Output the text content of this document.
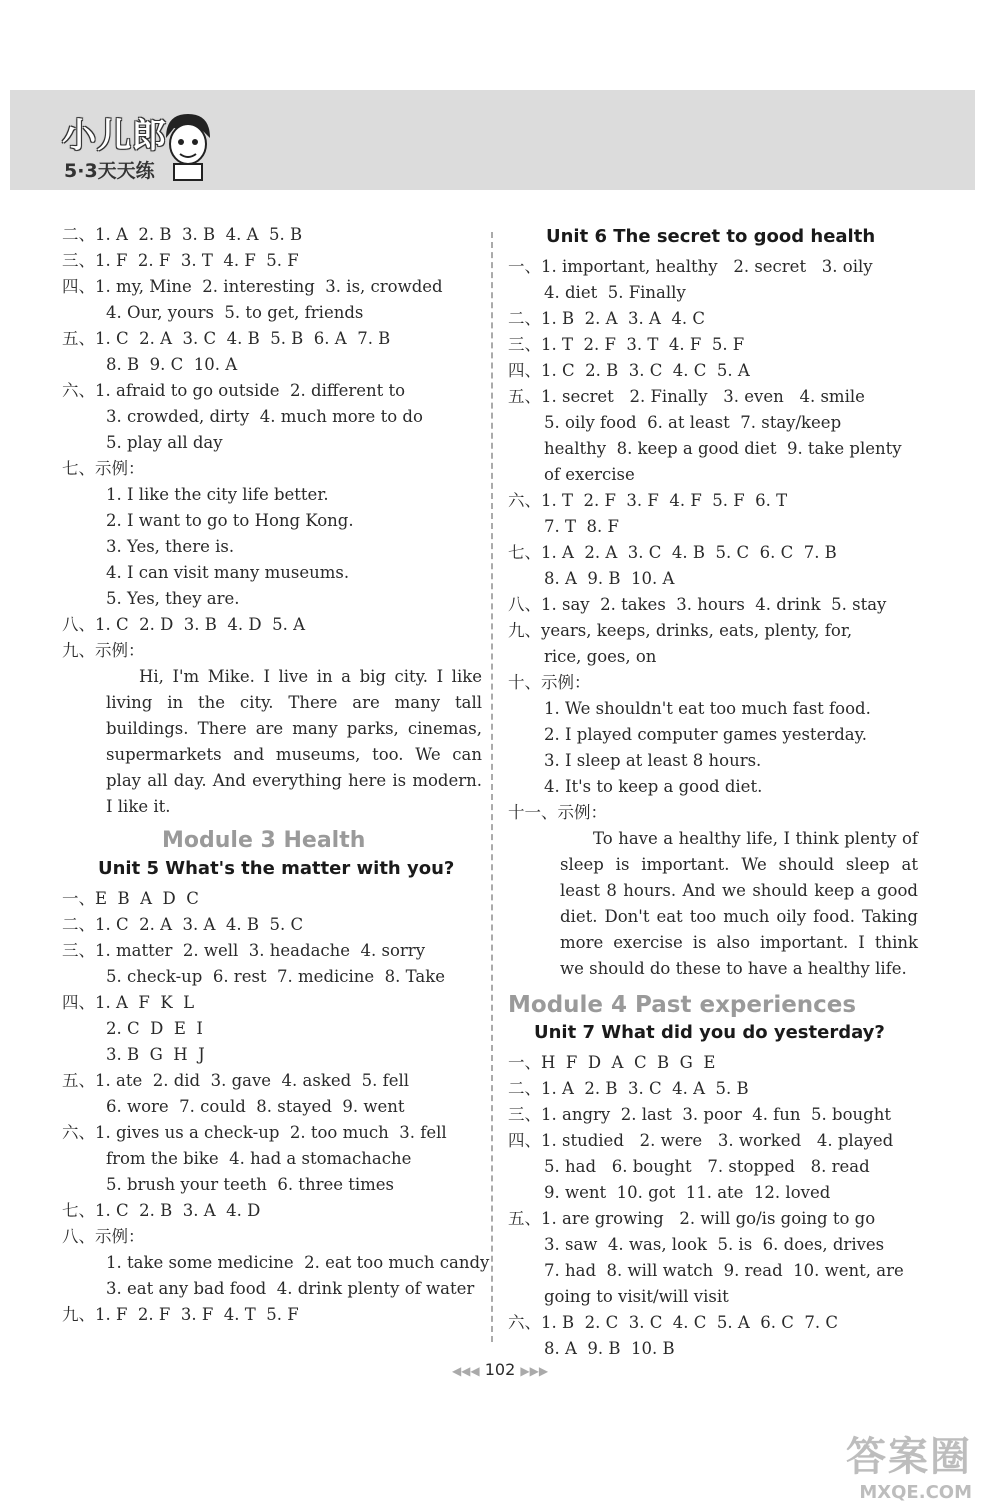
小儿郎
5·3天天练
二、1. A  2. B  3. B  4. A  5. B
三、1. F  2. F  3. T  4. F  5. F
四、1. my, Mine  2. interesting  3. is, crowded
4. Our, yours  5. to get, friends
五、1. C  2. A  3. C  4. B  5. B  6. A  7. B
8. B  9. C  10. A
六、1. afraid to go outside  2. different to
3. crowded, dirty  4. much more to do
5. play all day
七、示例：
1. I like the city life better.
2. I want to go to Hong Kong.
3. Yes, there is.
4. I can visit many museums.
5. Yes, they are.
八、1. C  2. D  3. B  4. D  5. A
九、示例：
Hi, I'm Mike. I live in a big city. I like living in the city. There are many tall buildings. There are many parks, cinemas, supermarkets and museums, too. We can play all day. And everything here is modern. I like it.
Module 3 Health
Unit 5 What's the matter with you?
一、E  B  A  D  C
二、1. C  2. A  3. A  4. B  5. C
三、1. matter  2. well  3. headache  4. sorry
5. check-up  6. rest  7. medicine  8. Take
四、1. A  F  K  L
2. C  D  E  I
3. B  G  H  J
五、1. ate  2. did  3. gave  4. asked  5. fell
6. wore  7. could  8. stayed  9. went
六、1. gives us a check-up  2. too much  3. fell
from the bike  4. had a stomachache
5. brush your teeth  6. three times
七、1. C  2. B  3. A  4. D
八、示例：
1. take some medicine  2. eat too much candy
3. eat any bad food  4. drink plenty of water
九、1. F  2. F  3. F  4. T  5. F
Unit 6 The secret to good health
一、1. important, healthy   2. secret   3. oily
4. diet  5. Finally
二、1. B  2. A  3. A  4. C
三、1. T  2. F  3. T  4. F  5. F
四、1. C  2. B  3. C  4. C  5. A
五、1. secret   2. Finally   3. even   4. smile
5. oily food  6. at least  7. stay/keep
healthy  8. keep a good diet  9. take plenty
of exercise
六、1. T  2. F  3. F  4. F  5. F  6. T
7. T  8. F
七、1. A  2. A  3. C  4. B  5. C  6. C  7. B
8. A  9. B  10. A
八、1. say  2. takes  3. hours  4. drink  5. stay
九、years, keeps, drinks, eats, plenty, for,
rice, goes, on
十、示例：
1. We shouldn't eat too much fast food.
2. I played computer games yesterday.
3. I sleep at least 8 hours.
4. It's to keep a good diet.
十一、示例：
To have a healthy life, I think plenty of sleep is important. We should sleep at least 8 hours. And we should keep a good diet. Don't eat too much oily food. Taking more exercise is also important. I think we should do these to have a healthy life.
Module 4 Past experiences
Unit 7 What did you do yesterday?
一、H  F  D  A  C  B  G  E
二、1. A  2. B  3. C  4. A  5. B
三、1. angry  2. last  3. poor  4. fun  5. bought
四、1. studied   2. were   3. worked   4. played
5. had   6. bought   7. stopped   8. read
9. went  10. got  11. ate  12. loved
五、1. are growing   2. will go/is going to go
3. saw  4. was, look  5. is  6. does, drives
7. had  8. will watch  9. read  10. went, are
going to visit/will visit
六、1. B  2. C  3. C  4. C  5. A  6. C  7. C
8. A  9. B  10. B
◀◀◀ 102 ▶▶▶
答案圈
MXQE.COM
